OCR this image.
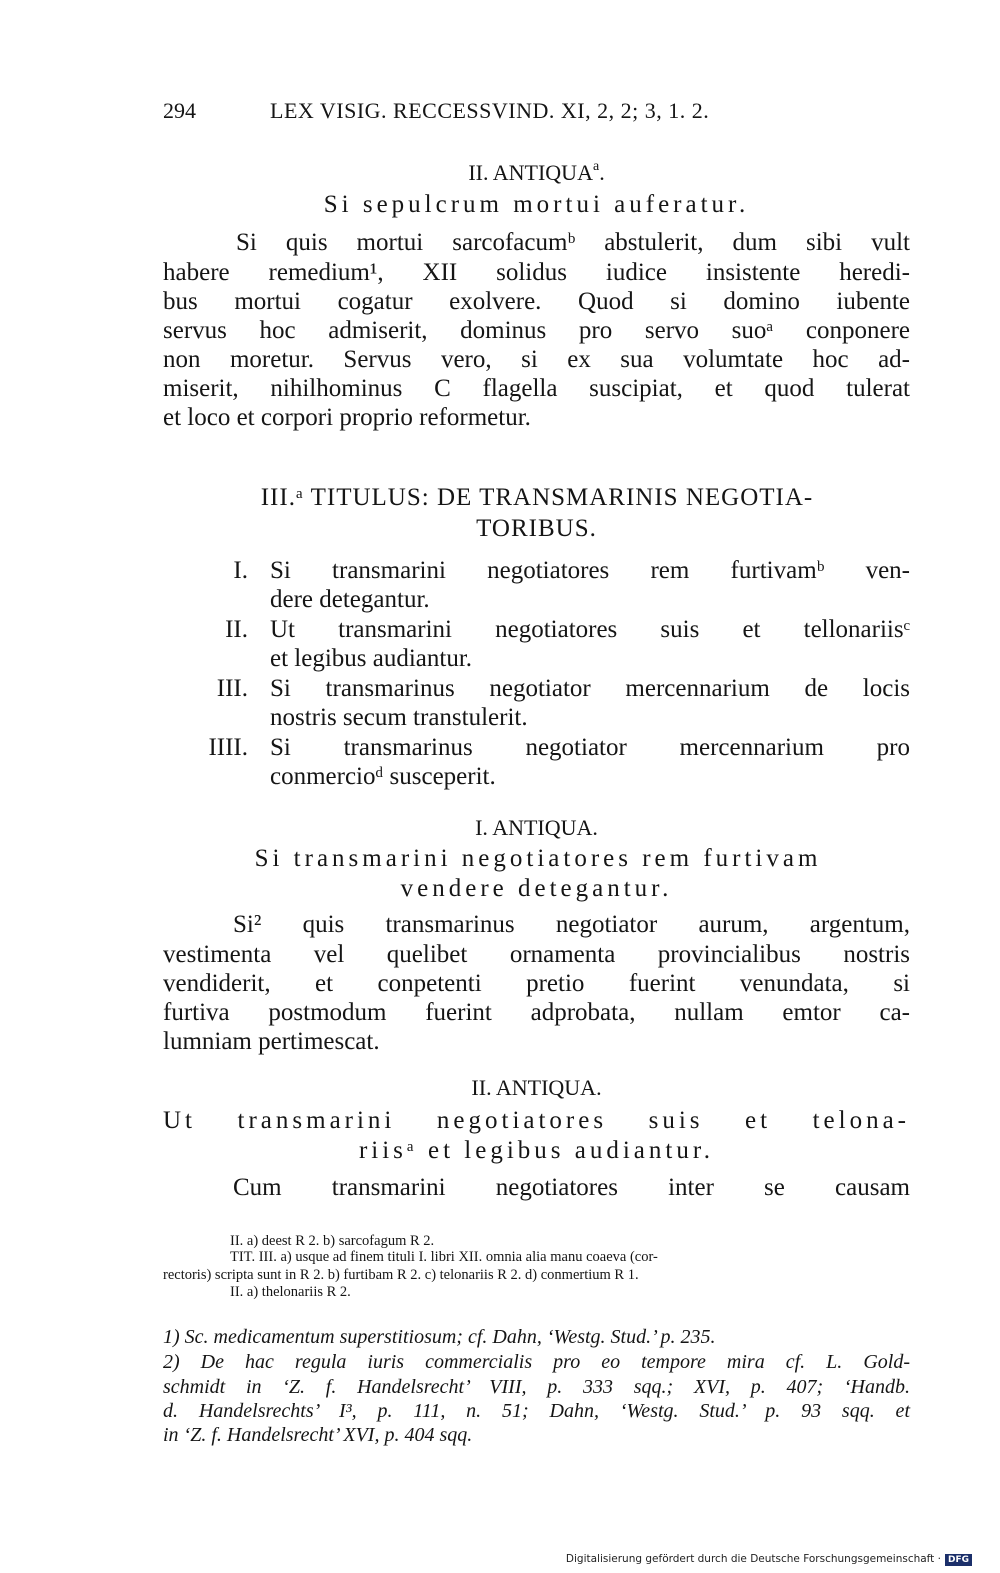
294	LEX VISIG. RECCESSVIND. XI, 2, 2; 3, 1. 2.
II. ANTIQUA$^a$.
Si sepulcrum mortui auferatur.
Si quis mortui sarcofacumᵇ abstulerit, dum sibi vult
habere remedium¹, XII solidus iudice insistente heredi-
bus mortui cogatur exolvere. Quod si domino iubente
servus hoc admiserit, dominus pro servo suoᵃ conponere
non moretur. Servus vero, si ex sua volumtate hoc ad-
miserit, nihilhominus C flagella suscipiat, et quod tulerat
et loco et corpori proprio reformetur.
III.ᵃ TITULUS: DE TRANSMARINIS NEGOTIA-
TORIBUS.
I. Si transmarini negotiatores rem furtivamᵇ ven-
dere detegantur.
II. Ut transmarini negotiatores suis et tellonariisᶜ
et legibus audiantur.
III. Si transmarinus negotiator mercennarium de locis
nostris secum transtulerit.
IIII. Si transmarinus negotiator mercennarium pro
conmercioᵈ susceperit.
I. ANTIQUA.
Si transmarini negotiatores rem furtivam
vendere detegantur.
Si² quis transmarinus negotiator aurum, argentum,
vestimenta vel quelibet ornamenta provincialibus nostris
vendiderit, et conpetenti pretio fuerint venundata, si
furtiva postmodum fuerint adprobata, nullam emtor ca-
lumniam pertimescat.
II. ANTIQUA.
Ut transmarini negotiatores suis et telona-
riisᵃ et legibus audiantur.
Cum transmarini negotiatores inter se causam
II. a) deest R 2. b) sarcofagum R 2.
TIT. III. a) usque ad finem tituli I. libri XII. omnia alia manu coaeva (cor-
rectoris) scripta sunt in R 2. b) furtibam R 2. c) telonariis R 2. d) conmertium R 1.
II. a) thelonariis R 2.
1) Sc. medicamentum superstitiosum; cf. Dahn, ‘Westg. Stud.’ p. 235.
2) De hac regula iuris commercialis pro eo tempore mira cf. L. Gold-
schmidt in ‘Z. f. Handelsrecht’ VIII, p. 333 sqq.; XVI, p. 407; ‘Handb.
d. Handelsrechts’ I³, p. 111, n. 51; Dahn, ‘Westg. Stud.’ p. 93 sqq. et
in ‘Z. f. Handelsrecht’ XVI, p. 404 sqq.
Digitalisierung gefördert durch die Deutsche Forschungsgemeinschaft · DFG
